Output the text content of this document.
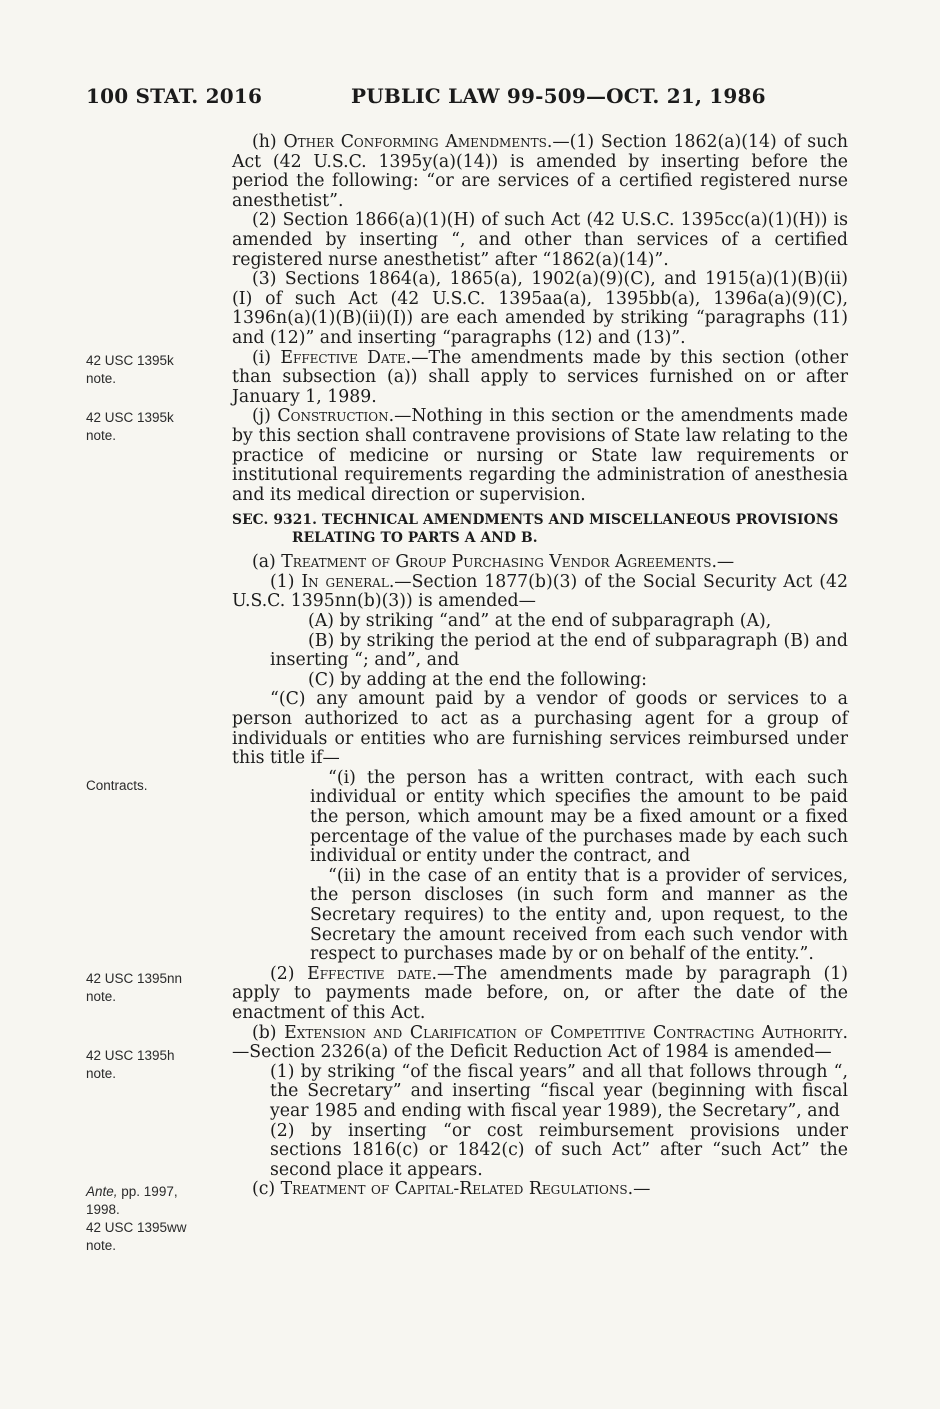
100 STAT. 2016	PUBLIC LAW 99-509—OCT. 21, 1986
42 USC 1395k
note.
42 USC 1395k
note.
Contracts.
42 USC 1395nn
note.
42 USC 1395h
note.
Ante, pp. 1997,
1998.
42 USC 1395ww
note.

(h) Other Conforming Amendments.—(1) Section 1862(a)(14) of such Act (42 U.S.C. 1395y(a)(14)) is amended by inserting before the period the following: “or are services of a certified registered nurse anesthetist”.

(2) Section 1866(a)(1)(H) of such Act (42 U.S.C. 1395cc(a)(1)(H)) is amended by inserting “, and other than services of a certified registered nurse anesthetist” after “1862(a)(14)”.

(3) Sections 1864(a), 1865(a), 1902(a)(9)(C), and 1915(a)(1)(B)(ii)(I) of such Act (42 U.S.C. 1395aa(a), 1395bb(a), 1396a(a)(9)(C), 1396n(a)(1)(B)(ii)(I)) are each amended by striking “paragraphs (11) and (12)” and inserting “paragraphs (12) and (13)”.

(i) Effective Date.—The amendments made by this section (other than subsection (a)) shall apply to services furnished on or after January 1, 1989.

(j) Construction.—Nothing in this section or the amendments made by this section shall contravene provisions of State law relating to the practice of medicine or nursing or State law requirements or institutional requirements regarding the administration of anesthesia and its medical direction or supervision.

SEC. 9321. TECHNICAL AMENDMENTS AND MISCELLANEOUS PROVISIONS RELATING TO PARTS A AND B.

(a) Treatment of Group Purchasing Vendor Agreements.—

(1) In general.—Section 1877(b)(3) of the Social Security Act (42 U.S.C. 1395nn(b)(3)) is amended—

(A) by striking “and” at the end of subparagraph (A),

(B) by striking the period at the end of subparagraph (B) and inserting “; and”, and

(C) by adding at the end the following:

“(C) any amount paid by a vendor of goods or services to a person authorized to act as a purchasing agent for a group of individuals or entities who are furnishing services reimbursed under this title if—

“(i) the person has a written contract, with each such individual or entity which specifies the amount to be paid the person, which amount may be a fixed amount or a fixed percentage of the value of the purchases made by each such individual or entity under the contract, and

“(ii) in the case of an entity that is a provider of services, the person discloses (in such form and manner as the Secretary requires) to the entity and, upon request, to the Secretary the amount received from each such vendor with respect to purchases made by or on behalf of the entity.”.

(2) Effective date.—The amendments made by paragraph (1) apply to payments made before, on, or after the date of the enactment of this Act.

(b) Extension and Clarification of Competitive Contracting Authority.—Section 2326(a) of the Deficit Reduction Act of 1984 is amended—

(1) by striking “of the fiscal years” and all that follows through “, the Secretary” and inserting “fiscal year (beginning with fiscal year 1985 and ending with fiscal year 1989), the Secretary”, and

(2) by inserting “or cost reimbursement provisions under sections 1816(c) or 1842(c) of such Act” after “such Act” the second place it appears.

(c) Treatment of Capital-Related Regulations.—
